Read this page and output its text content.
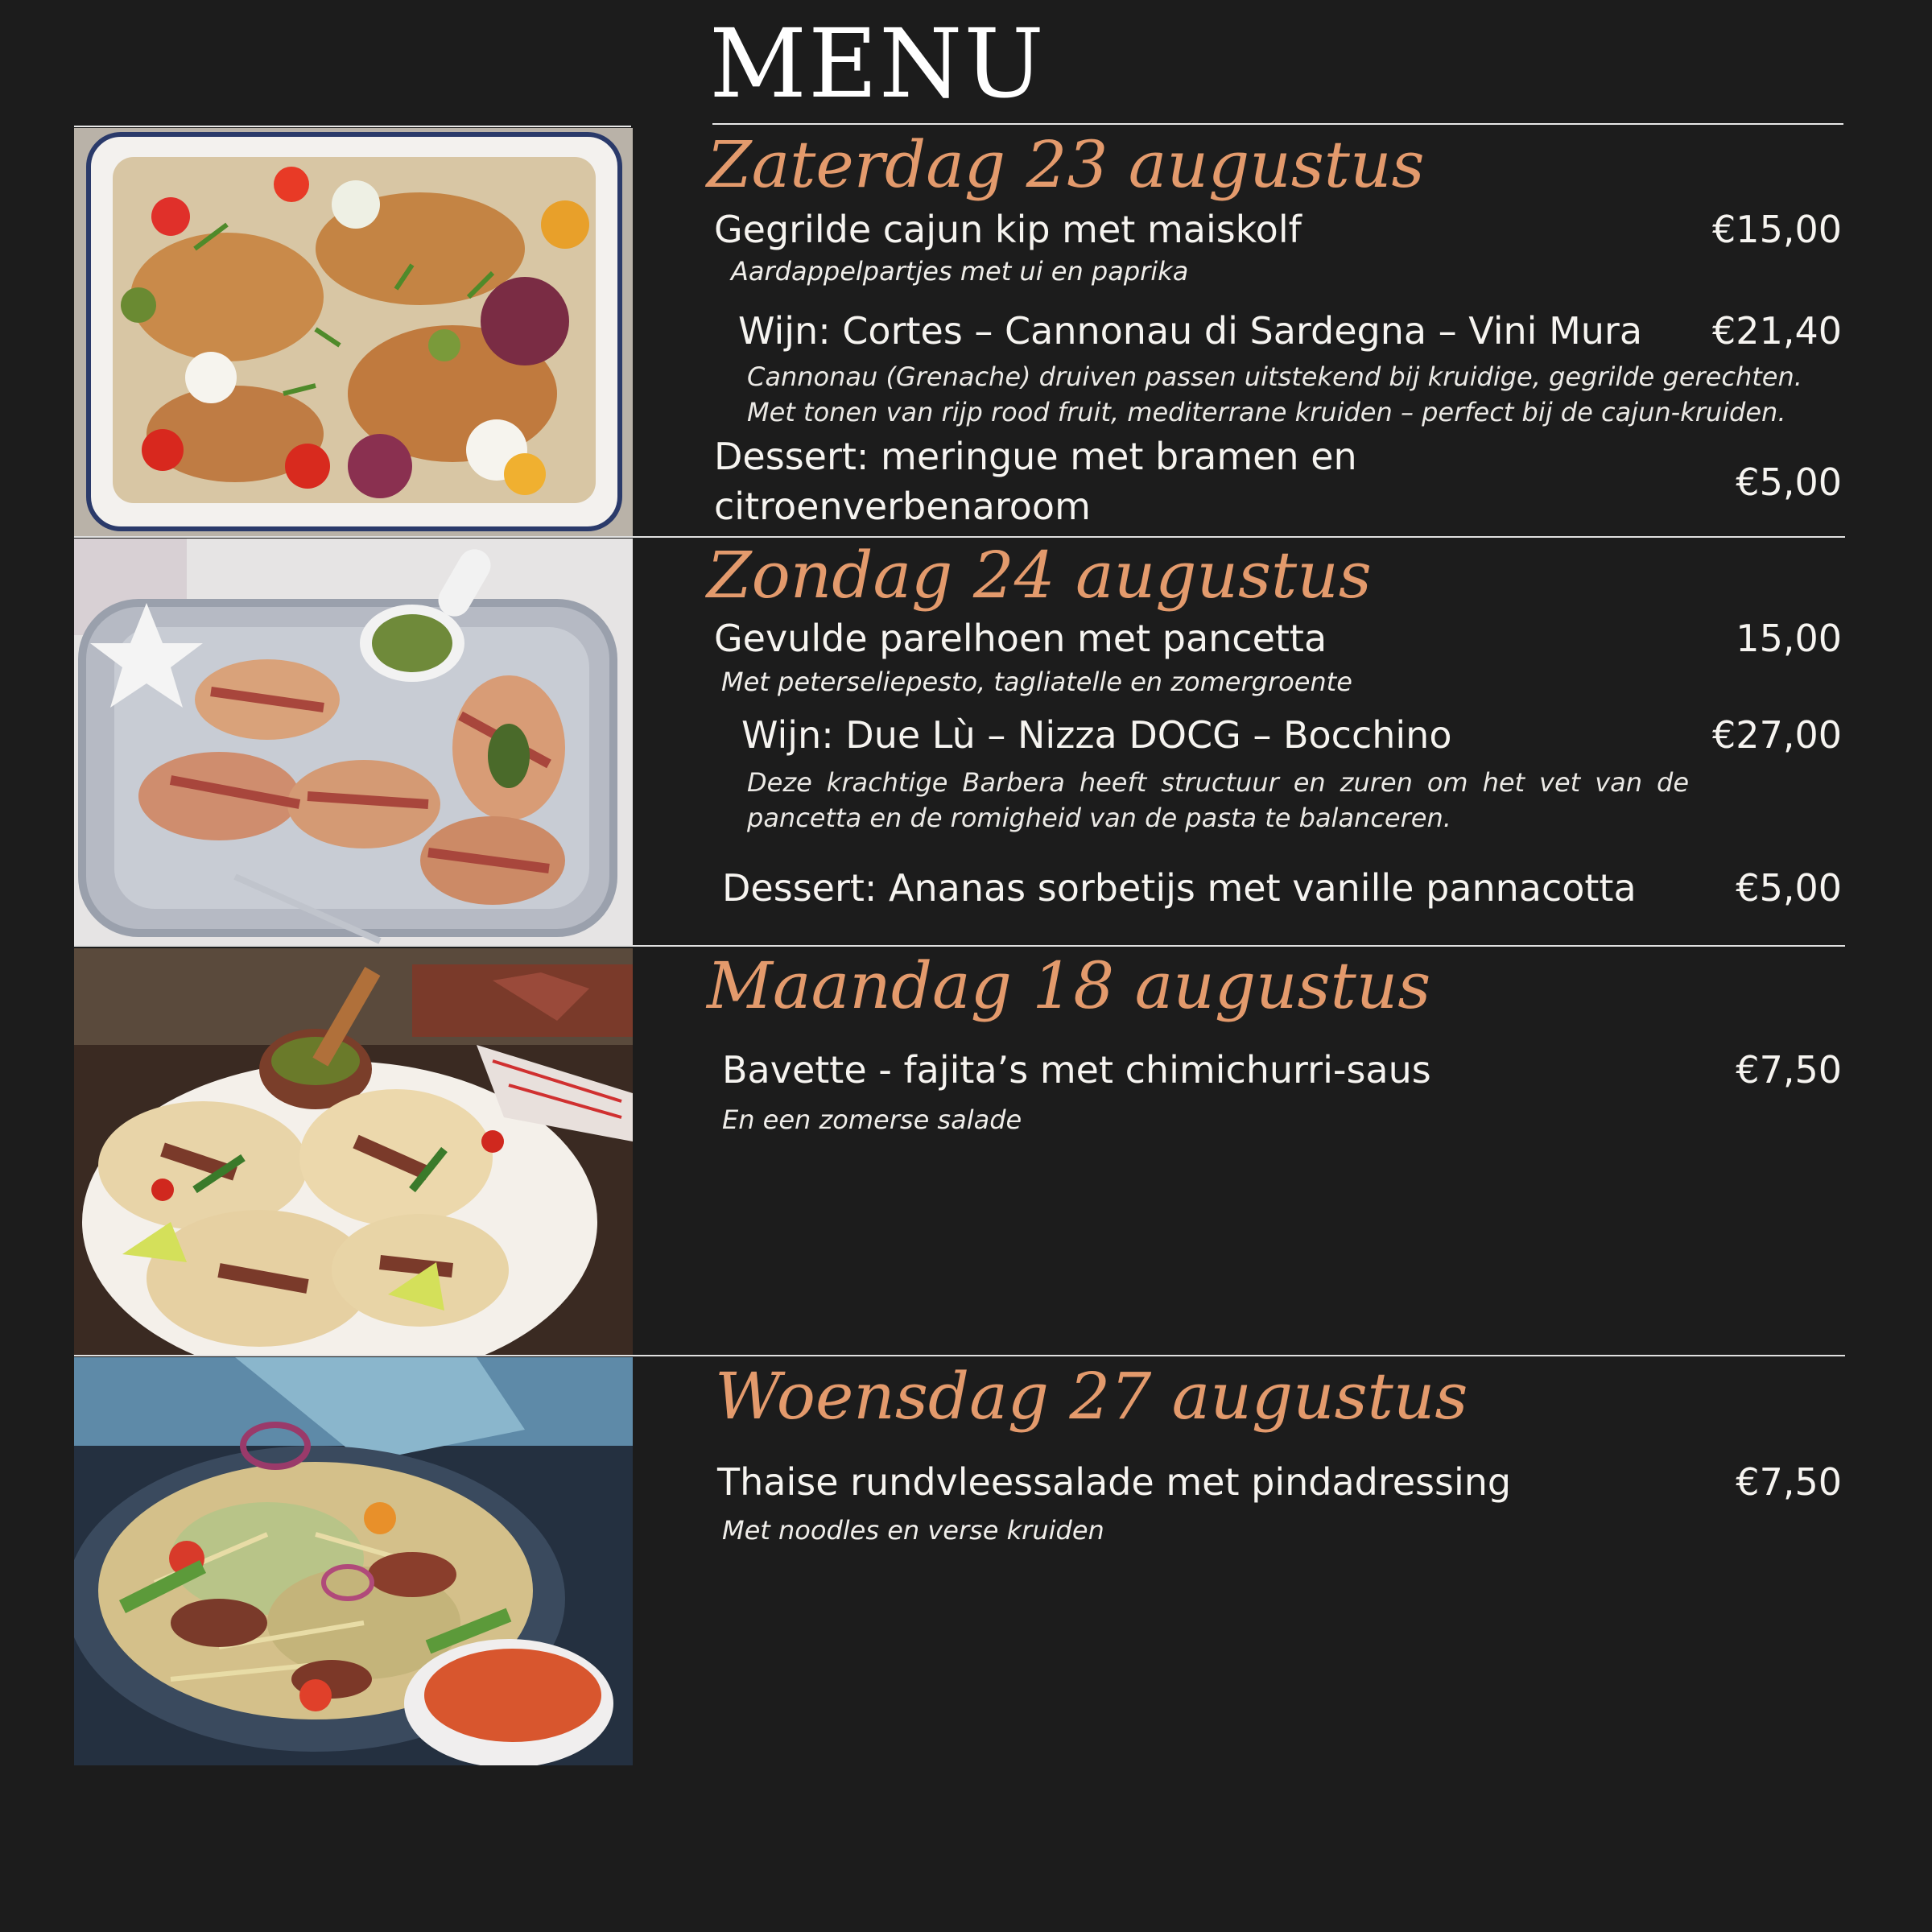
MENU
Zaterdag 23 augustus
Gegrilde cajun kip met maiskolf	€15,00
Aardappelpartjes met ui en paprika
Wijn: Cortes – Cannonau di Sardegna – Vini Mura €21,40
Cannonau (Grenache) druiven passen uitstekend bij kruidige, gegrilde gerechten.
Met tonen van rijp rood fruit, mediterrane kruiden – perfect bij de cajun-kruiden.
Dessert: meringue met bramen en
citroenverbenaroom
€5,00
Zondag 24 augustus
Gevulde parelhoen met pancetta	15,00
Met peterseliepesto, tagliatelle en zomergroente
Wijn: Due Lù – Nizza DOCG – Bocchino	€27,00
Deze krachtige Barbera heeft structuur en zuren om het vet van de pancetta en de romigheid van de pasta te balanceren.
Dessert: Ananas sorbetijs met vanille pannacotta	€5,00
Maandag 18 augustus
Bavette - fajita’s met chimichurri-saus	€7,50
En een zomerse salade
Woensdag 27 augustus
Thaise rundvleessalade met pindadressing	€7,50
Met noodles en verse kruiden
